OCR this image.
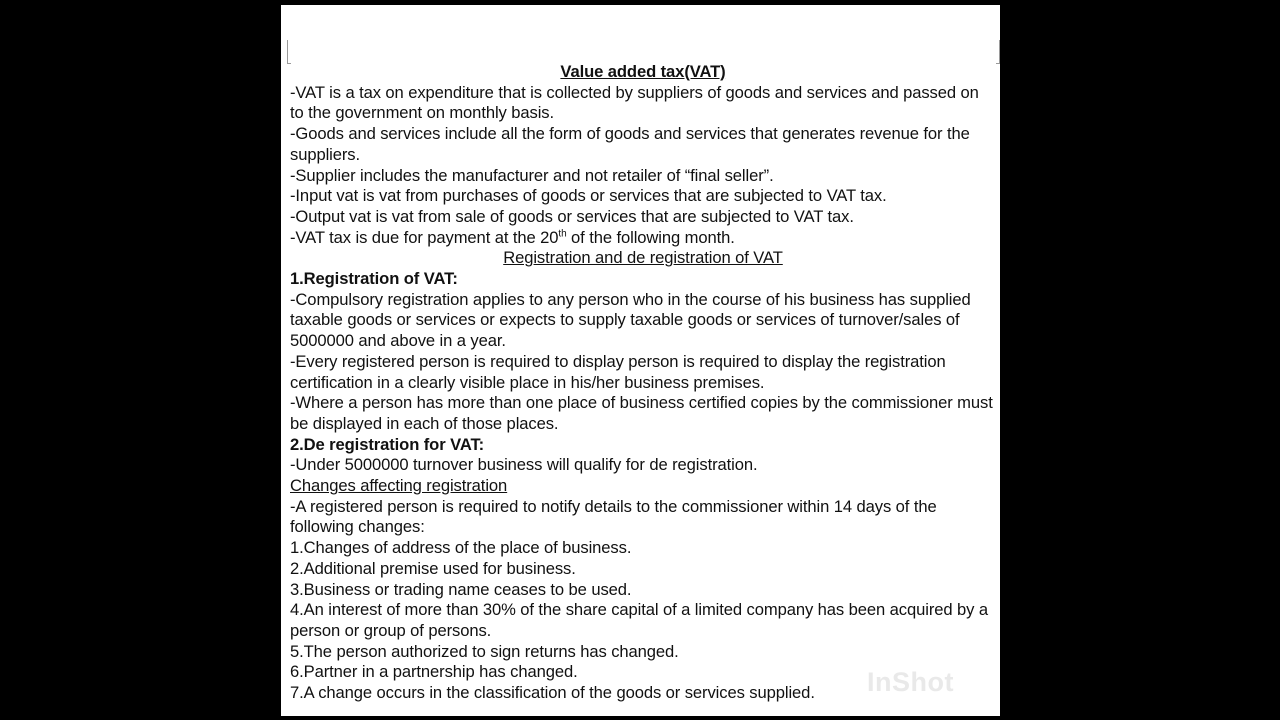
Value added tax(VAT)

-VAT is a tax on expenditure that is collected by suppliers of goods and services and passed on to the government on monthly basis.

-Goods and services include all the form of goods and services that generates revenue for the suppliers.

-Supplier includes the manufacturer and not retailer of “final seller”.

-Input vat is vat from purchases of goods or services that are subjected to VAT tax.

-Output vat is vat from sale of goods or services that are subjected to VAT tax.

-VAT tax is due for payment at the 20th of the following month.

Registration and de registration of VAT

1.Registration of VAT:

-Compulsory registration applies to any person who in the course of his business has supplied taxable goods or services or expects to supply taxable goods or services of turnover/sales of 5000000 and above in a year.

-Every registered person is required to display person is required to display the registration certification in a clearly visible place in his/her business premises.

-Where a person has more than one place of business certified copies by the commissioner must be displayed in each of those places.

2.De registration for VAT:

-Under 5000000 turnover business will qualify for de registration.

Changes affecting registration

-A registered person is required to notify details to the commissioner within 14 days of the following changes:

1.Changes of address of the place of business.

2.Additional premise used for business.

3.Business or trading name ceases to be used.

4.An interest of more than 30% of the share capital of a limited company has been acquired by a person or group of persons.

5.The person authorized to sign returns has changed.

6.Partner in a partnership has changed.

7.A change occurs in the classification of the goods or services supplied.	InShot
